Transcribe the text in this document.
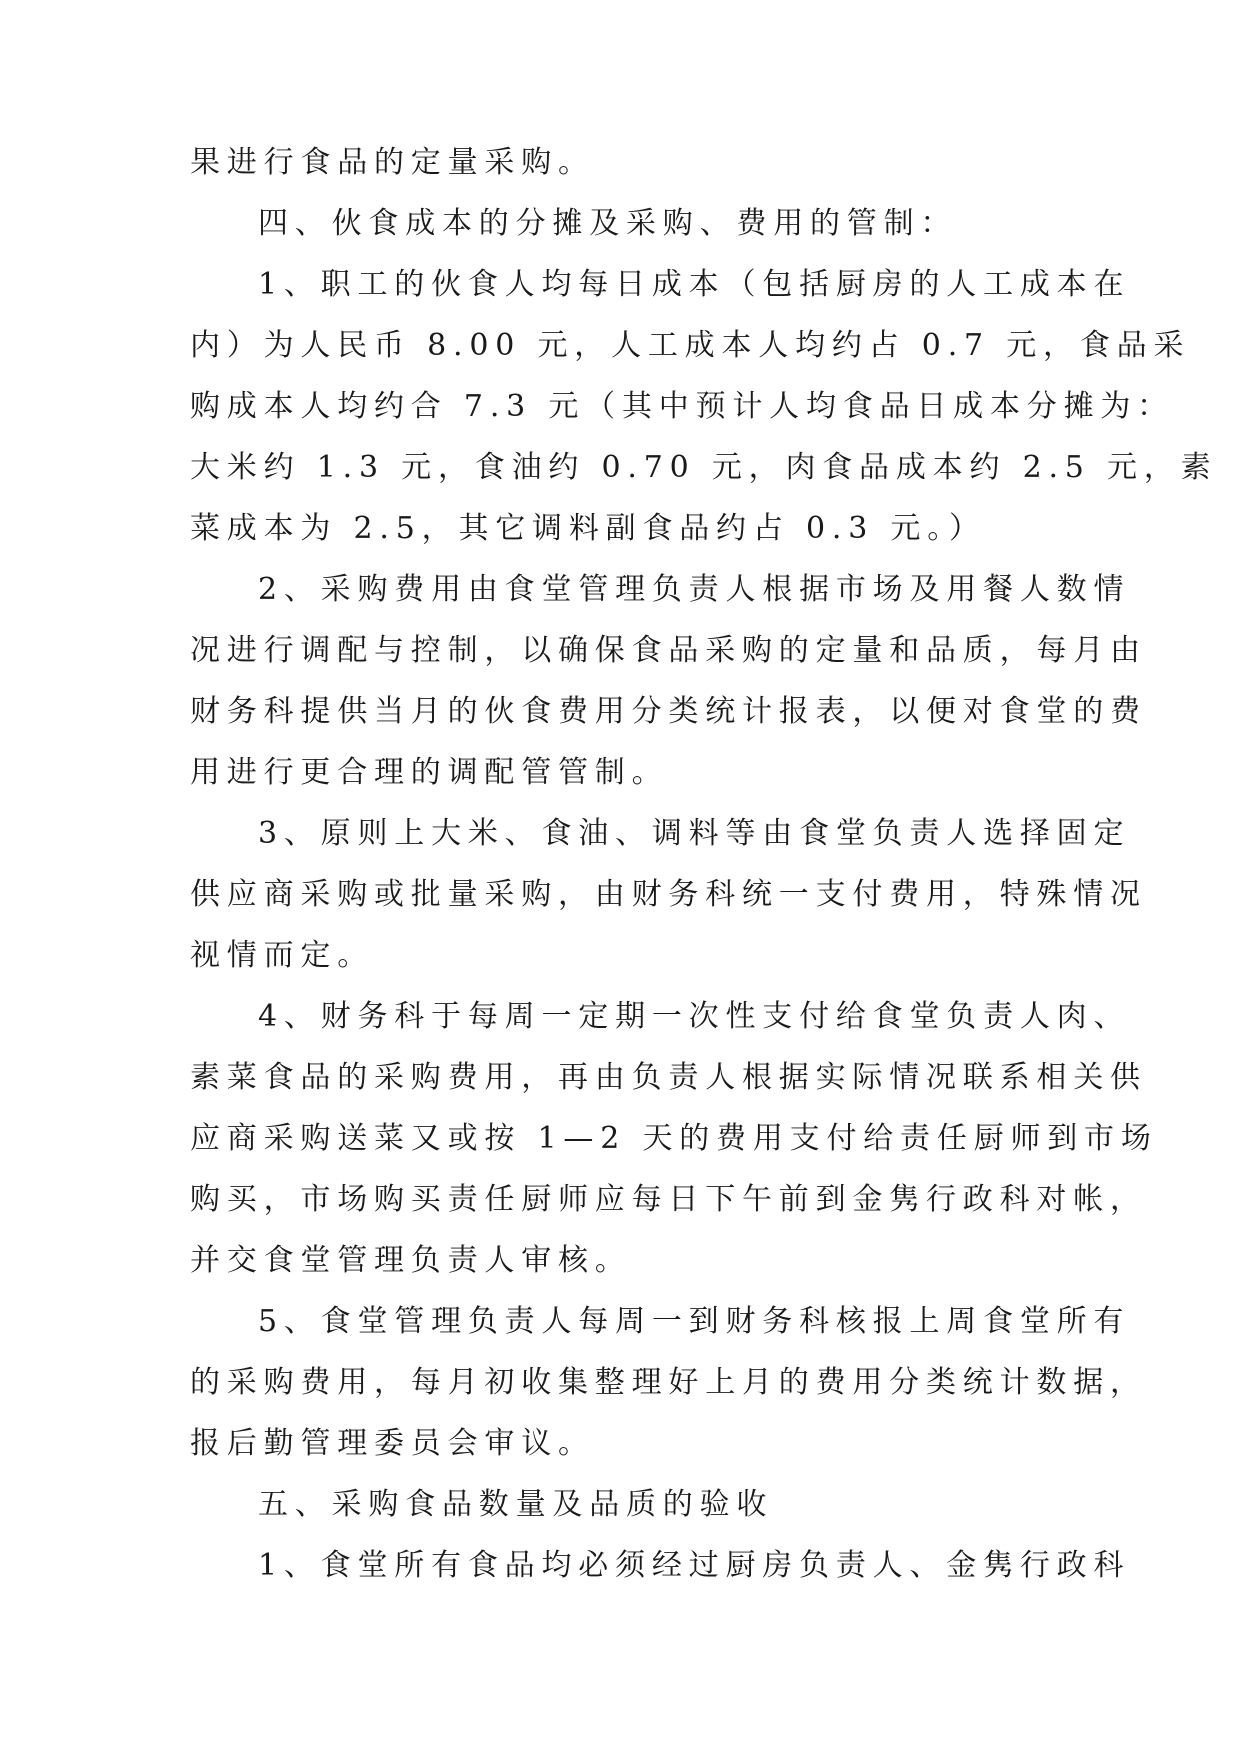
果进行食品的定量采购。
四、伙食成本的分摊及采购、费用的管制：
1、职工的伙食人均每日成本（包括厨房的人工成本在
内）为人民币 8.00 元，人工成本人均约占 0.7 元，食品采
购成本人均约合 7.3 元（其中预计人均食品日成本分摊为：
大米约 1.3 元，食油约 0.70 元，肉食品成本约 2.5 元，素
菜成本为 2.5，其它调料副食品约占 0.3 元。）
2、采购费用由食堂管理负责人根据市场及用餐人数情
况进行调配与控制，以确保食品采购的定量和品质，每月由
财务科提供当月的伙食费用分类统计报表，以便对食堂的费
用进行更合理的调配管管制。
3、原则上大米、食油、调料等由食堂负责人选择固定
供应商采购或批量采购，由财务科统一支付费用，特殊情况
视情而定。
4、财务科于每周一定期一次性支付给食堂负责人肉、
素菜食品的采购费用，再由负责人根据实际情况联系相关供
应商采购送菜又或按 1—2 天的费用支付给责任厨师到市场
购买，市场购买责任厨师应每日下午前到金隽行政科对帐，
并交食堂管理负责人审核。
5、食堂管理负责人每周一到财务科核报上周食堂所有
的采购费用，每月初收集整理好上月的费用分类统计数据，
报后勤管理委员会审议。
五、采购食品数量及品质的验收
1、食堂所有食品均必须经过厨房负责人、金隽行政科
